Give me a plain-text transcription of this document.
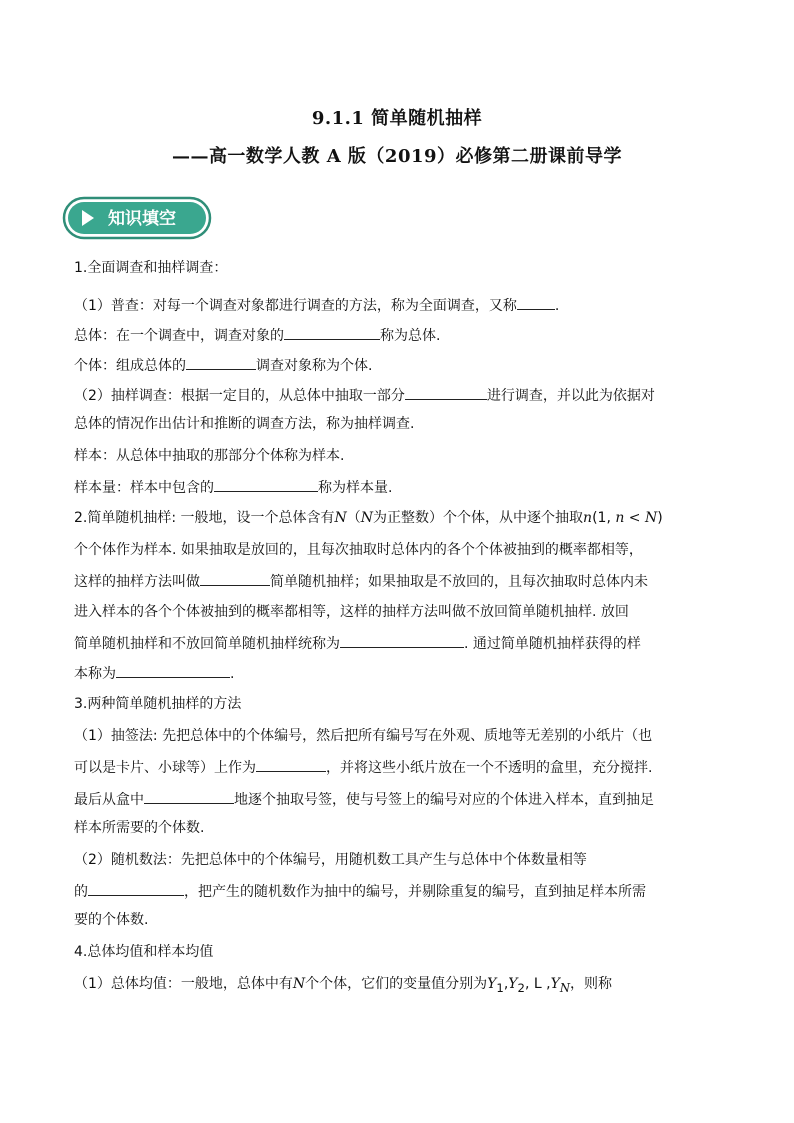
9.1.1 简单随机抽样
——高一数学人教 A 版（2019）必修第二册课前导学
知识填空
1.全面调查和抽样调查：
（1）普查：对每一个调查对象都进行调查的方法，称为全面调查，又称	.
总体：在一个调查中，调查对象的	称为总体.
个体：组成总体的	调查对象称为个体.
（2）抽样调查：根据一定目的，从总体中抽取一部分	进行调查，并以此为依据对
总体的情况作出估计和推断的调查方法，称为抽样调查.
样本：从总体中抽取的那部分个体称为样本.
样本量：样本中包含的	称为样本量.
2.简单随机抽样: 一般地，设一个总体含有N（N为正整数）个个体，从中逐个抽取n(1, n < N)
个个体作为样本. 如果抽取是放回的，且每次抽取时总体内的各个个体被抽到的概率都相等，
这样的抽样方法叫做	简单随机抽样；如果抽取是不放回的，且每次抽取时总体内未
进入样本的各个个体被抽到的概率都相等，这样的抽样方法叫做不放回简单随机抽样. 放回
简单随机抽样和不放回简单随机抽样统称为	. 通过简单随机抽样获得的样
本称为	.
3.两种简单随机抽样的方法
（1）抽签法: 先把总体中的个体编号，然后把所有编号写在外观、质地等无差别的小纸片（也
可以是卡片、小球等）上作为	，并将这些小纸片放在一个不透明的盒里，充分搅拌.
最后从盒中	地逐个抽取号签，使与号签上的编号对应的个体进入样本，直到抽足
样本所需要的个体数.
（2）随机数法：先把总体中的个体编号，用随机数工具产生与总体中个体数量相等
的	，把产生的随机数作为抽中的编号，并剔除重复的编号，直到抽足样本所需
要的个体数.
4.总体均值和样本均值
（1）总体均值：一般地，总体中有N个个体，它们的变量值分别为$Y_1,Y_2$, L $,Y_N$，则称
